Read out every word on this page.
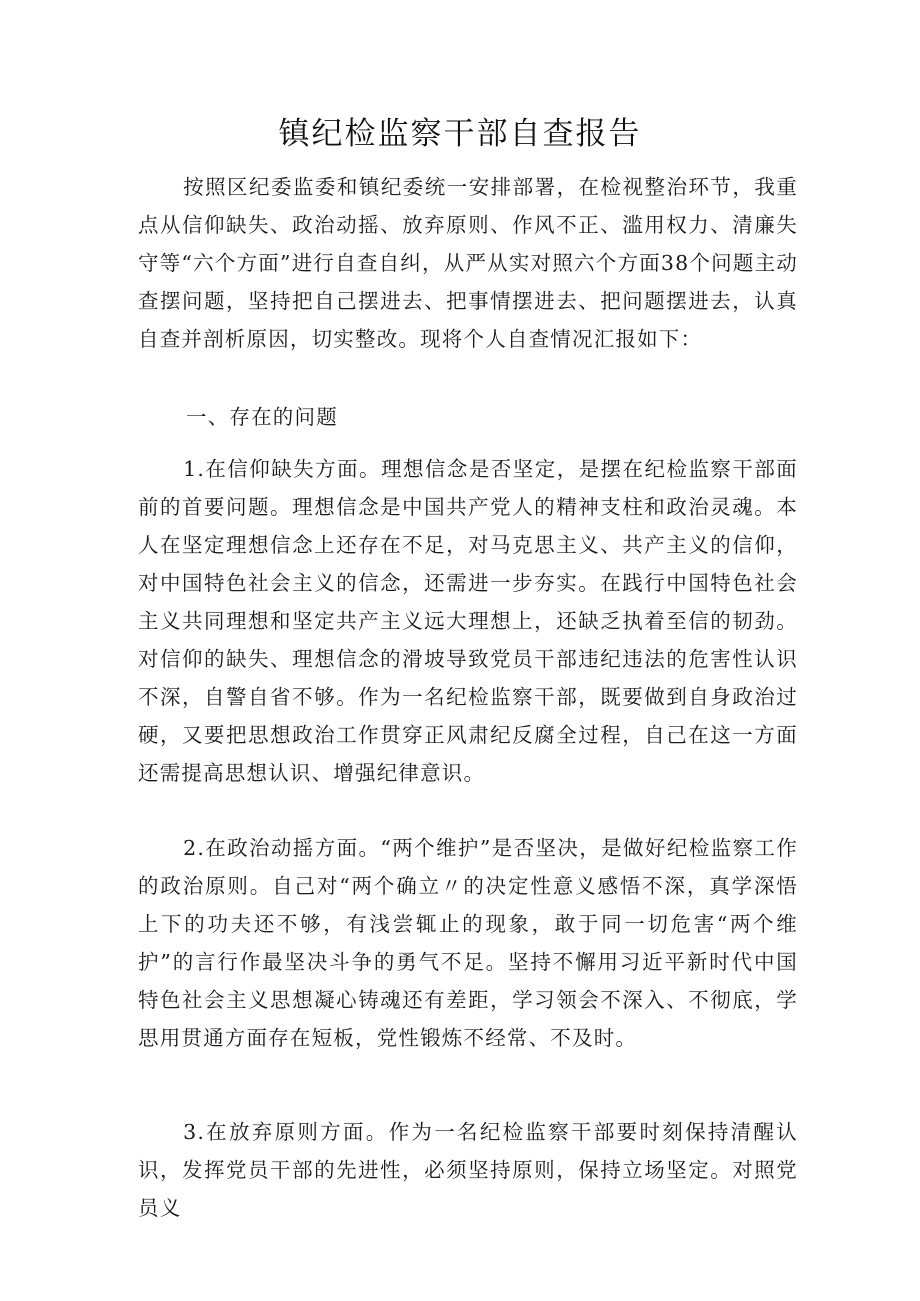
镇纪检监察干部自查报告

按照区纪委监委和镇纪委统一安排部署，在检视整治环节，我重点从信仰缺失、政治动摇、放弃原则、作风不正、滥用权力、清廉失守等“六个方面”进行自查自纠，从严从实对照六个方面38个问题主动查摆问题，坚持把自己摆进去、把事情摆进去、把问题摆进去，认真自查并剖析原因，切实整改。现将个人自查情况汇报如下：

一、存在的问题

1.在信仰缺失方面。理想信念是否坚定，是摆在纪检监察干部面前的首要问题。理想信念是中国共产党人的精神支柱和政治灵魂。本人在坚定理想信念上还存在不足，对马克思主义、共产主义的信仰，对中国特色社会主义的信念，还需进一步夯实。在践行中国特色社会主义共同理想和坚定共产主义远大理想上，还缺乏执着至信的韧劲。对信仰的缺失、理想信念的滑坡导致党员干部违纪违法的危害性认识不深，自警自省不够。作为一名纪检监察干部，既要做到自身政治过硬，又要把思想政治工作贯穿正风肃纪反腐全过程，自己在这一方面还需提高思想认识、增强纪律意识。

2.在政治动摇方面。“两个维护”是否坚决，是做好纪检监察工作的政治原则。自己对“两个确立〃的决定性意义感悟不深，真学深悟上下的功夫还不够，有浅尝辄止的现象，敢于同一切危害“两个维护”的言行作最坚决斗争的勇气不足。坚持不懈用习近平新时代中国特色社会主义思想凝心铸魂还有差距，学习领会不深入、不彻底，学思用贯通方面存在短板，党性锻炼不经常、不及时。

3.在放弃原则方面。作为一名纪检监察干部要时刻保持清醒认识，发挥党员干部的先进性，必须坚持原则，保持立场坚定。对照党员义
